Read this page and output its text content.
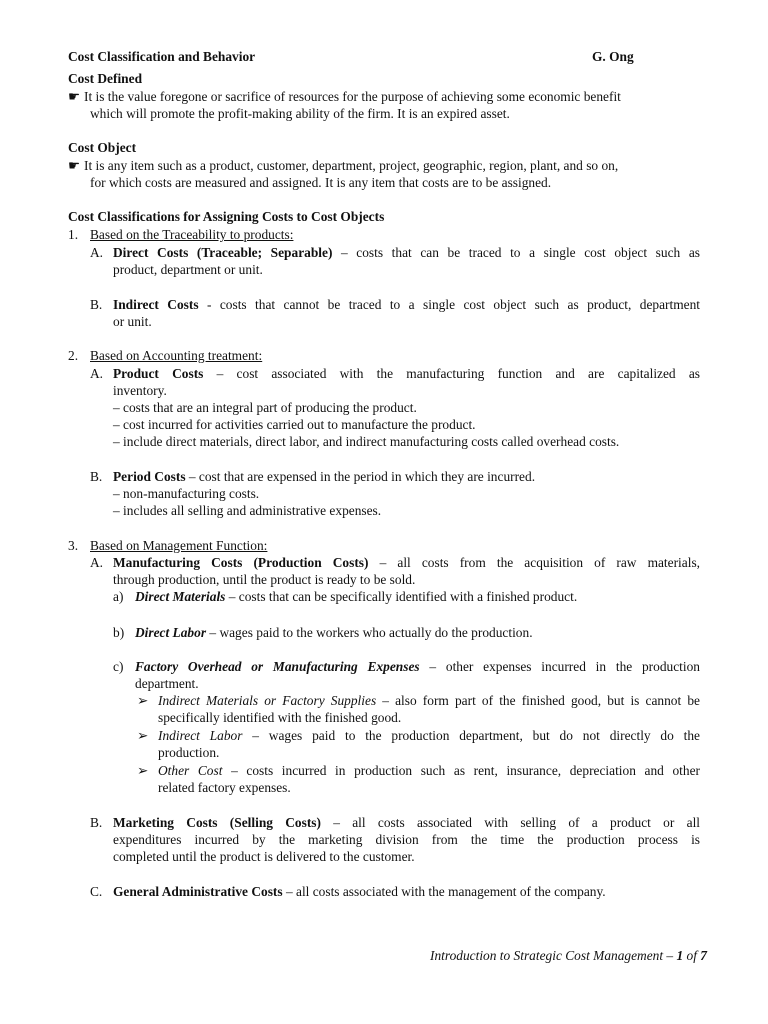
Cost Classification and Behavior	G. Ong
Cost Defined
☛ It is the value foregone or sacrifice of resources for the purpose of achieving some economic benefit
which will promote the profit-making ability of the firm. It is an expired asset.
Cost Object
☛ It is any item such as a product, customer, department, project, geographic, region, plant, and so on,
for which costs are measured and assigned. It is any item that costs are to be assigned.
Cost Classifications for Assigning Costs to Cost Objects
1. Based on the Traceability to products:
A. Direct Costs (Traceable; Separable) – costs that can be traced to a single cost object such as
product, department or unit.
B. Indirect Costs - costs that cannot be traced to a single cost object such as product, department
or unit.
2. Based on Accounting treatment:
A. Product Costs – cost associated with the manufacturing function and are capitalized as
inventory.
– costs that are an integral part of producing the product.
– cost incurred for activities carried out to manufacture the product.
– include direct materials, direct labor, and indirect manufacturing costs called overhead costs.
B. Period Costs – cost that are expensed in the period in which they are incurred.
– non-manufacturing costs.
– includes all selling and administrative expenses.
3. Based on Management Function:
A. Manufacturing Costs (Production Costs) – all costs from the acquisition of raw materials,
through production, until the product is ready to be sold.
a) Direct Materials – costs that can be specifically identified with a finished product.
b) Direct Labor – wages paid to the workers who actually do the production.
c) Factory Overhead or Manufacturing Expenses – other expenses incurred in the production
department.
➢ Indirect Materials or Factory Supplies – also form part of the finished good, but is cannot be
specifically identified with the finished good.
➢ Indirect Labor – wages paid to the production department, but do not directly do the
production.
➢ Other Cost – costs incurred in production such as rent, insurance, depreciation and other
related factory expenses.
B. Marketing Costs (Selling Costs) – all costs associated with selling of a product or all
expenditures incurred by the marketing division from the time the production process is
completed until the product is delivered to the customer.
C. General Administrative Costs – all costs associated with the management of the company.
Introduction to Strategic Cost Management – 1 of 7
